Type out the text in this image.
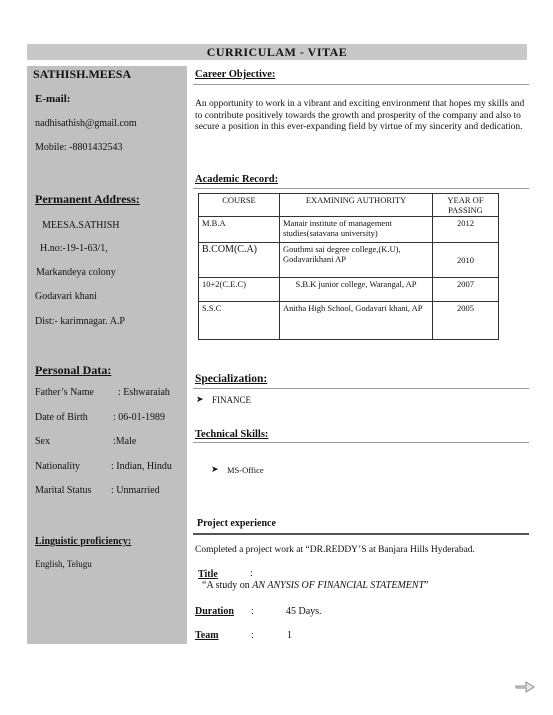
CURRICULAM - VITAE
SATHISH.MEESA
E-mail:
nadhisathish@gmail.com
Mobile: -8801432543
Permanent Address:
MEESA.SATHISH
H.no:-19-1-63/1,
Markandeya colony
Godavari khani
Dist:- karimnagar. A.P
Personal Data:
Father’s Name : Eshwaraiah
Date of Birth	: 06-01-1989
Sex	:Male
Nationality	: Indian, Hindu
Marital Status : Unmarried
Linguistic proficiency:
English, Telugu
Career Objective:
An opportunity to work in a vibrant and exciting environment that hopes my skills and to contribute positively towards the growth and prosperity of the company and also to secure a position in this ever-expanding field by virtue of my sincerity and dedication.
Academic Record:
COURSE	EXAMINING AUTHORITY	YEAR OF PASSING
M.B.A	Manair institute of management studies(satavana university)	2012
B.COM(C.A)	Gouthmi sai degree college,(K.U), Godavarikhani AP	2010
10+2(C.E.C)	S.B.K junior college, Warangal, AP	2007
S.S.C	Anitha High School, Godavari khani, AP	2005
Specialization:
➤ FINANCE
Technical Skills:
➤ MS-Office
Project experience
Completed a project work at “DR.REDDY’S at Banjara Hills Hyderabad.
Title	:
“A study on AN ANYSIS OF FINANCIAL STATEMENT”
Duration :	45 Days.
Team	:	1
